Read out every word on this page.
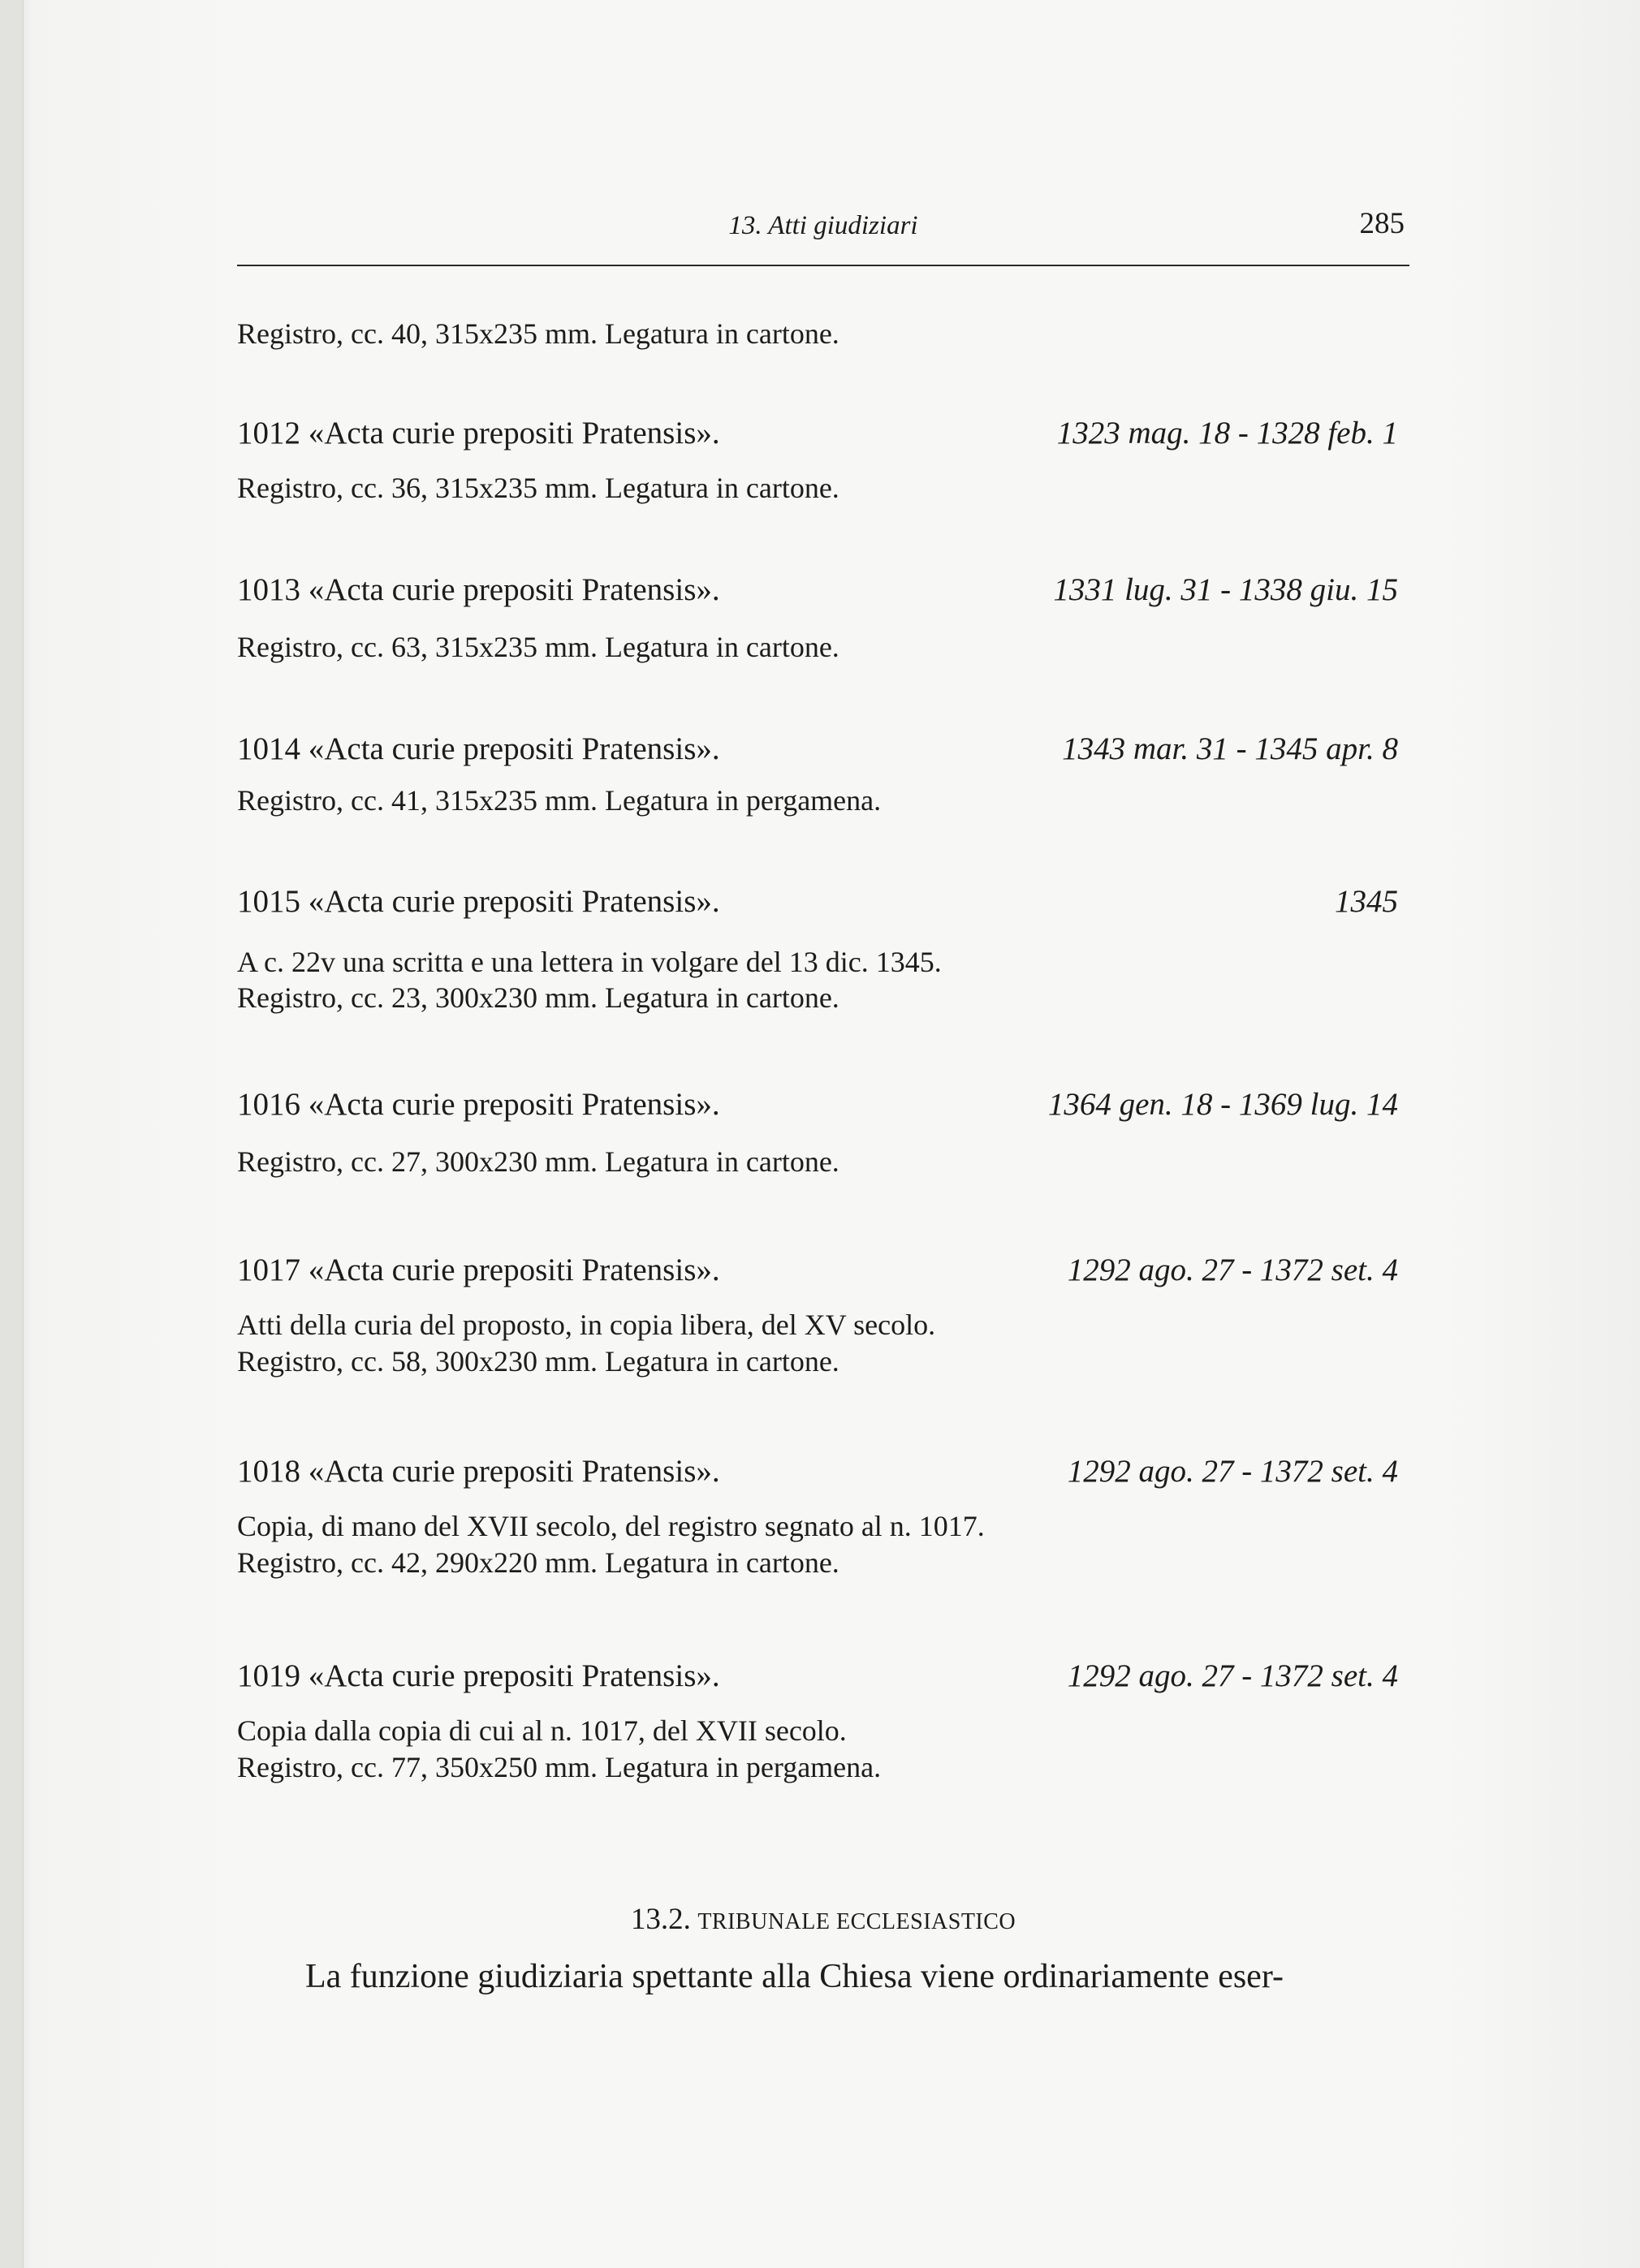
13. Atti giudiziari	285
Registro, cc. 40, 315x235 mm. Legatura in cartone.
1012 «Acta curie prepositi Pratensis».	1323 mag. 18 - 1328 feb. 1
Registro, cc. 36, 315x235 mm. Legatura in cartone.
1013 «Acta curie prepositi Pratensis».	1331 lug. 31 - 1338 giu. 15
Registro, cc. 63, 315x235 mm. Legatura in cartone.
1014 «Acta curie prepositi Pratensis».	1343 mar. 31 - 1345 apr. 8
Registro, cc. 41, 315x235 mm. Legatura in pergamena.
1015 «Acta curie prepositi Pratensis».	1345
A c. 22v una scritta e una lettera in volgare del 13 dic. 1345.
Registro, cc. 23, 300x230 mm. Legatura in cartone.
1016 «Acta curie prepositi Pratensis».	1364 gen. 18 - 1369 lug. 14
Registro, cc. 27, 300x230 mm. Legatura in cartone.
1017 «Acta curie prepositi Pratensis».	1292 ago. 27 - 1372 set. 4
Atti della curia del proposto, in copia libera, del XV secolo.
Registro, cc. 58, 300x230 mm. Legatura in cartone.
1018 «Acta curie prepositi Pratensis».	1292 ago. 27 - 1372 set. 4
Copia, di mano del XVII secolo, del registro segnato al n. 1017.
Registro, cc. 42, 290x220 mm. Legatura in cartone.
1019 «Acta curie prepositi Pratensis».	1292 ago. 27 - 1372 set. 4
Copia dalla copia di cui al n. 1017, del XVII secolo.
Registro, cc. 77, 350x250 mm. Legatura in pergamena.
13.2. TRIBUNALE ECCLESIASTICO
La funzione giudiziaria spettante alla Chiesa viene ordinariamente eser-
